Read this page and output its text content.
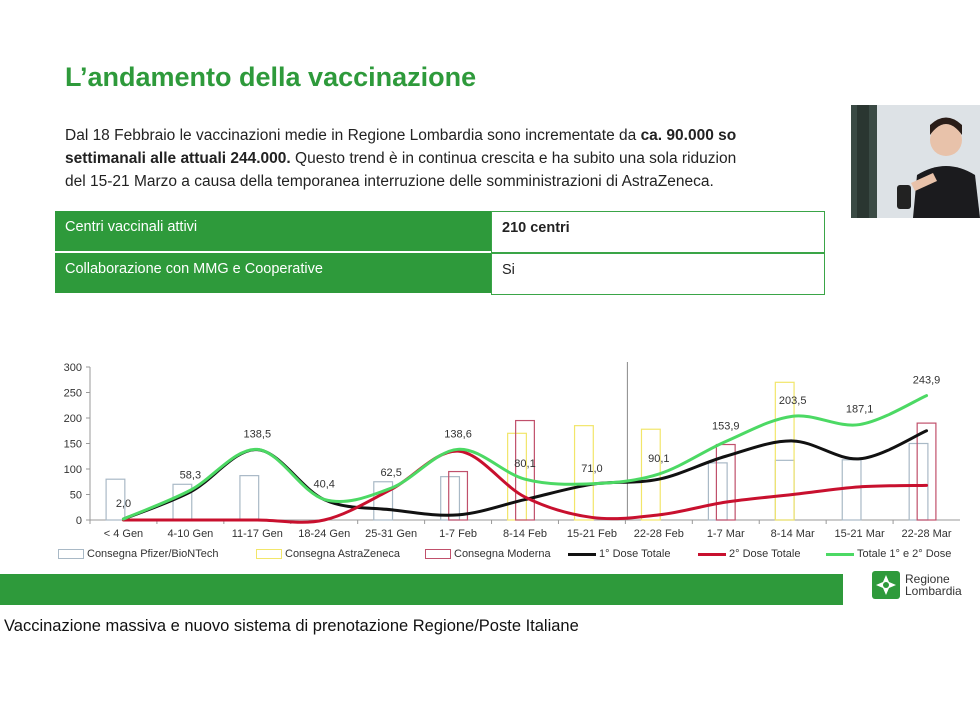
L’andamento della vaccinazione
Dal 18 Febbraio le vaccinazioni medie in Regione Lombardia sono incrementate da ca. 90.000 so
settimanali alle attuali 244.000. Questo trend è in continua crescita e ha subito una sola riduzion
del 15-21 Marzo a causa della temporanea interruzione delle somministrazioni di AstraZeneca.
Centri vaccinali attivi	210 centri
Collaborazione con MMG e Cooperative	Si
0
50
100
150
200
250
300
< 4 Gen 4-10 Gen 11-17 Gen 18-24 Gen 25-31 Gen 1-7 Feb 8-14 Feb 15-21 Feb 22-28 Feb 1-7 Mar 8-14 Mar 15-21 Mar 22-28 Mar
2,0
58,3
138,5
40,4
62,5
138,6
80,1	71,0
90,1
153,9
203,5
187,1
243,9
Consegna Pfizer/BioNTech	Consegna AstraZeneca	Consegna Moderna	1° Dose Totale	2° Dose Totale	Totale 1° e 2° Dose
Regione
Lombardia
Vaccinazione massiva e nuovo sistema di prenotazione Regione/Poste Italiane
